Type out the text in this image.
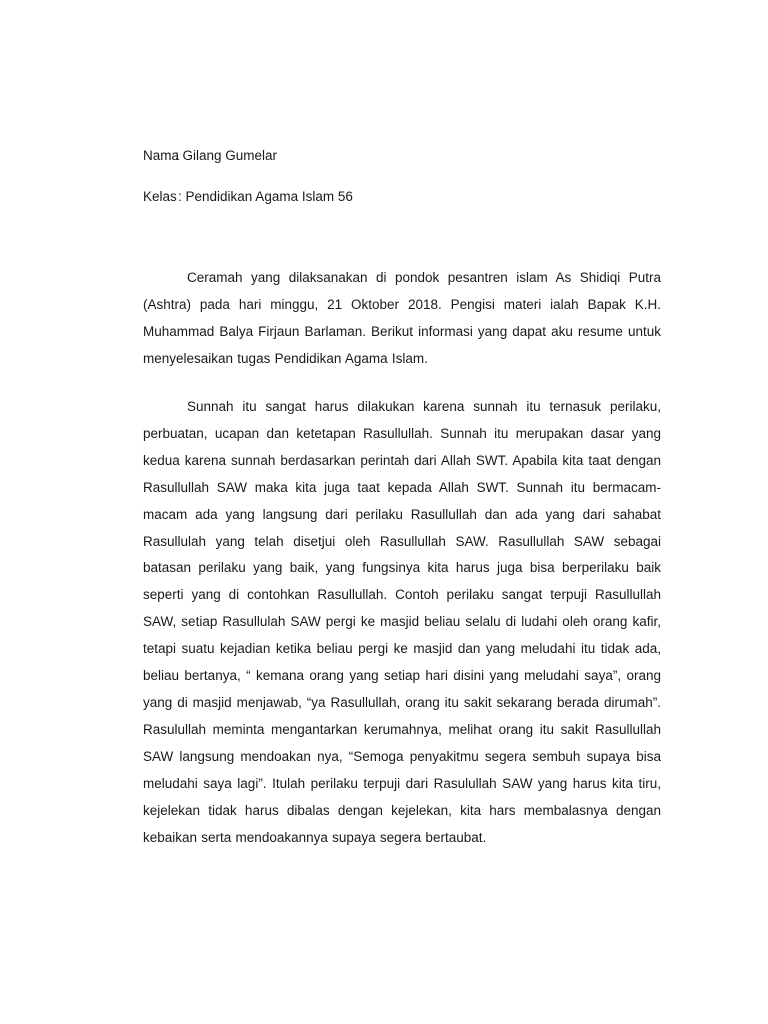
Nama
: Gilang Gumelar
Kelas : Pendidikan Agama Islam 56

Ceramah yang dilaksanakan di pondok pesantren islam As Shidiqi Putra (Ashtra) pada hari minggu, 21 Oktober 2018. Pengisi materi ialah Bapak K.H. Muhammad Balya Firjaun Barlaman. Berikut informasi yang dapat aku resume untuk menyelesaikan tugas Pendidikan Agama Islam.

Sunnah itu sangat harus dilakukan karena sunnah itu ternasuk perilaku, perbuatan, ucapan dan ketetapan Rasullullah. Sunnah itu merupakan dasar yang kedua karena sunnah berdasarkan perintah dari Allah SWT. Apabila kita taat dengan Rasullullah SAW maka kita juga taat kepada Allah SWT. Sunnah itu bermacam-macam ada yang langsung dari perilaku Rasullullah dan ada yang dari sahabat Rasullulah yang telah disetjui oleh Rasullullah SAW. Rasullullah SAW sebagai batasan perilaku yang baik, yang fungsinya kita harus juga bisa berperilaku baik seperti yang di contohkan Rasullullah. Contoh perilaku sangat terpuji Rasullullah SAW, setiap Rasullulah SAW pergi ke masjid beliau selalu di ludahi oleh orang kafir, tetapi suatu kejadian ketika beliau pergi ke masjid dan yang meludahi itu tidak ada, beliau bertanya, “ kemana orang yang setiap hari disini yang meludahi saya”, orang yang di masjid menjawab, “ya Rasullullah, orang itu sakit sekarang berada dirumah”. Rasulullah meminta mengantarkan kerumahnya, melihat orang itu sakit Rasullullah SAW langsung mendoakan nya, “Semoga penyakitmu segera sembuh supaya bisa meludahi saya lagi”. Itulah perilaku terpuji dari Rasulullah SAW yang harus kita tiru, kejelekan tidak harus dibalas dengan kejelekan, kita hars membalasnya dengan kebaikan serta mendoakannya supaya segera bertaubat.
